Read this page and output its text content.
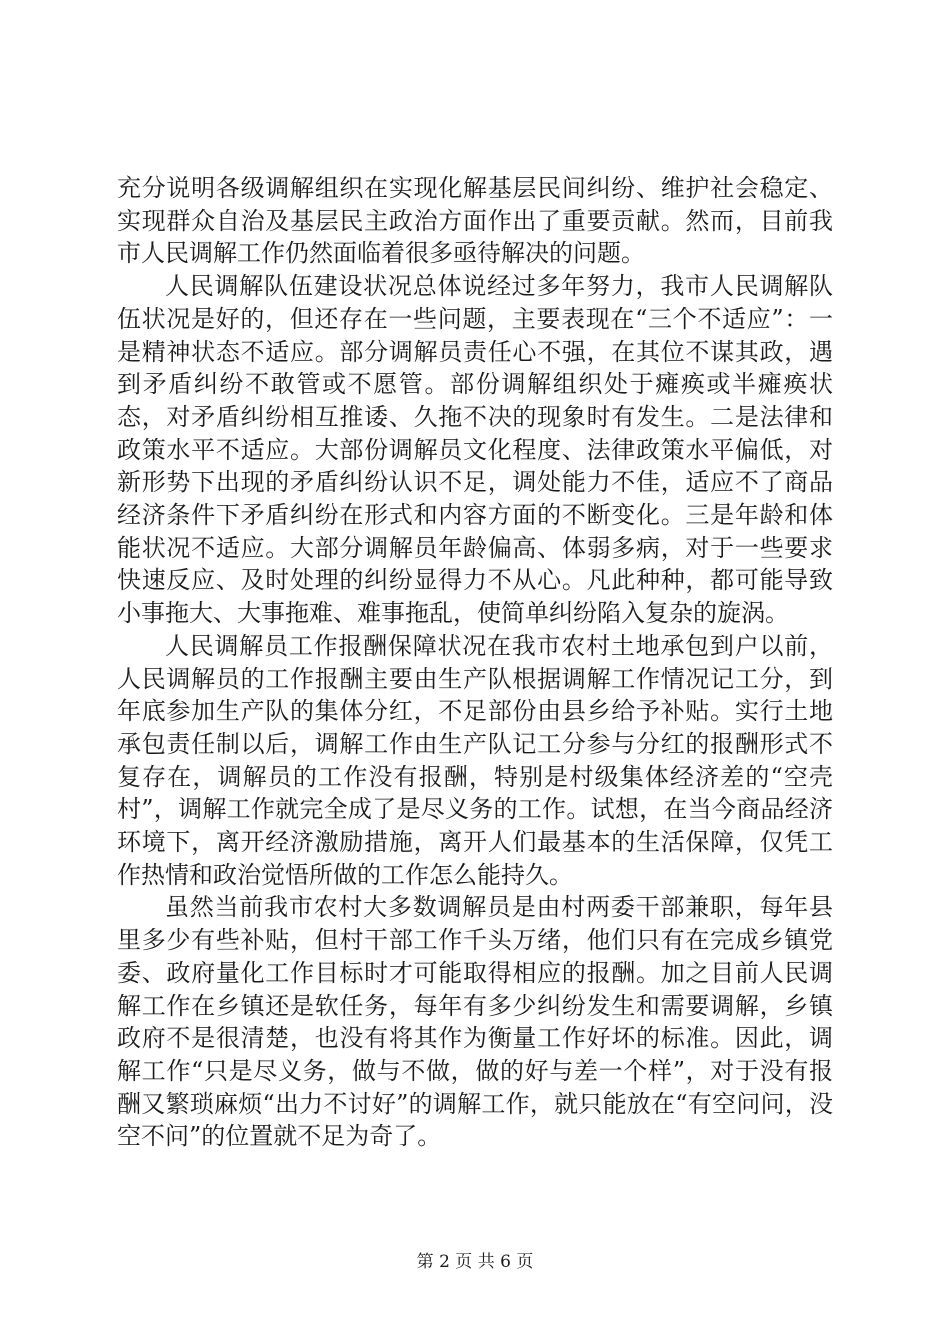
充分说明各级调解组织在实现化解基层民间纠纷、维护社会稳定、实现群众自治及基层民主政治方面作出了重要贡献。然而，目前我市人民调解工作仍然面临着很多亟待解决的问题。

人民调解队伍建设状况总体说经过多年努力，我市人民调解队伍状况是好的，但还存在一些问题，主要表现在“三个不适应”：一是精神状态不适应。部分调解员责任心不强，在其位不谋其政，遇到矛盾纠纷不敢管或不愿管。部份调解组织处于瘫痪或半瘫痪状态，对矛盾纠纷相互推诿、久拖不决的现象时有发生。二是法律和政策水平不适应。大部份调解员文化程度、法律政策水平偏低，对新形势下出现的矛盾纠纷认识不足，调处能力不佳，适应不了商品经济条件下矛盾纠纷在形式和内容方面的不断变化。三是年龄和体能状况不适应。大部分调解员年龄偏高、体弱多病，对于一些要求快速反应、及时处理的纠纷显得力不从心。凡此种种，都可能导致小事拖大、大事拖难、难事拖乱，使简单纠纷陷入复杂的旋涡。

人民调解员工作报酬保障状况在我市农村土地承包到户以前，人民调解员的工作报酬主要由生产队根据调解工作情况记工分，到年底参加生产队的集体分红，不足部份由县乡给予补贴。实行土地承包责任制以后，调解工作由生产队记工分参与分红的报酬形式不复存在，调解员的工作没有报酬，特别是村级集体经济差的“空壳村”，调解工作就完全成了是尽义务的工作。试想，在当今商品经济环境下，离开经济激励措施，离开人们最基本的生活保障，仅凭工作热情和政治觉悟所做的工作怎么能持久。

虽然当前我市农村大多数调解员是由村两委干部兼职，每年县里多少有些补贴，但村干部工作千头万绪，他们只有在完成乡镇党委、政府量化工作目标时才可能取得相应的报酬。加之目前人民调解工作在乡镇还是软任务，每年有多少纠纷发生和需要调解，乡镇政府不是很清楚，也没有将其作为衡量工作好坏的标准。因此，调解工作“只是尽义务，做与不做，做的好与差一个样”，对于没有报酬又繁琐麻烦“出力不讨好”的调解工作，就只能放在“有空问问，没空不问”的位置就不足为奇了。

第 2 页 共 6 页
